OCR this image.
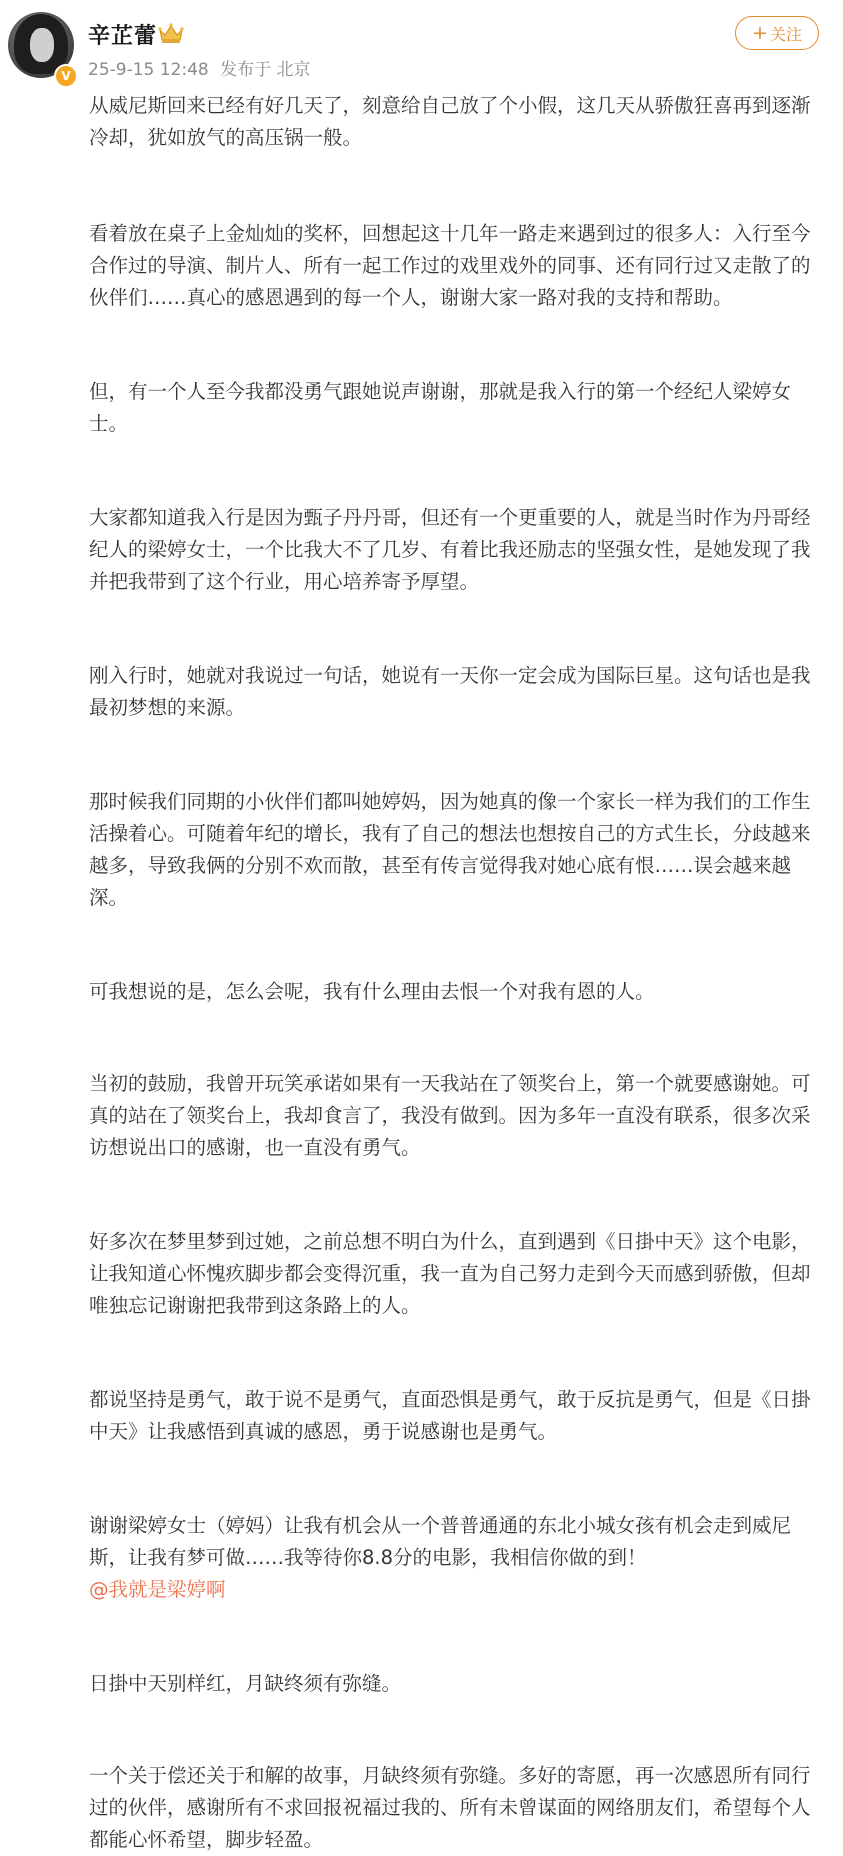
V
辛芷蕾
25-9-15 12:48 发布于 北京
+ 关注

从威尼斯回来已经有好几天了，刻意给自己放了个小假，这几天从骄傲狂喜再到逐渐冷却，犹如放气的高压锅一般。

看着放在桌子上金灿灿的奖杯，回想起这十几年一路走来遇到过的很多人：入行至今合作过的导演、制片人、所有一起工作过的戏里戏外的同事、还有同行过又走散了的伙伴们……真心的感恩遇到的每一个人，谢谢大家一路对我的支持和帮助。

但，有一个人至今我都没勇气跟她说声谢谢，那就是我入行的第一个经纪人梁婷女士。

大家都知道我入行是因为甄子丹丹哥，但还有一个更重要的人，就是当时作为丹哥经纪人的梁婷女士，一个比我大不了几岁、有着比我还励志的坚强女性，是她发现了我并把我带到了这个行业，用心培养寄予厚望。

刚入行时，她就对我说过一句话，她说有一天你一定会成为国际巨星。这句话也是我最初梦想的来源。

那时候我们同期的小伙伴们都叫她婷妈，因为她真的像一个家长一样为我们的工作生活操着心。可随着年纪的增长，我有了自己的想法也想按自己的方式生长，分歧越来越多，导致我俩的分别不欢而散，甚至有传言觉得我对她心底有恨……误会越来越深。

可我想说的是，怎么会呢，我有什么理由去恨一个对我有恩的人。

当初的鼓励，我曾开玩笑承诺如果有一天我站在了领奖台上，第一个就要感谢她。可真的站在了领奖台上，我却食言了，我没有做到。因为多年一直没有联系，很多次采访想说出口的感谢，也一直没有勇气。

好多次在梦里梦到过她，之前总想不明白为什么，直到遇到《日掛中天》这个电影，让我知道心怀愧疚脚步都会变得沉重，我一直为自己努力走到今天而感到骄傲，但却唯独忘记谢谢把我带到这条路上的人。

都说坚持是勇气，敢于说不是勇气，直面恐惧是勇气，敢于反抗是勇气，但是《日掛中天》让我感悟到真诚的感恩，勇于说感谢也是勇气。

谢谢梁婷女士（婷妈）让我有机会从一个普普通通的东北小城女孩有机会走到威尼斯，让我有梦可做……我等待你8.8分的电影，我相信你做的到！

@我就是梁婷啊

日掛中天别样红，月缺终须有弥缝。

一个关于偿还关于和解的故事，月缺终须有弥缝。多好的寄愿，再一次感恩所有同行过的伙伴，感谢所有不求回报祝福过我的、所有未曾谋面的网络朋友们，希望每个人都能心怀希望，脚步轻盈。
